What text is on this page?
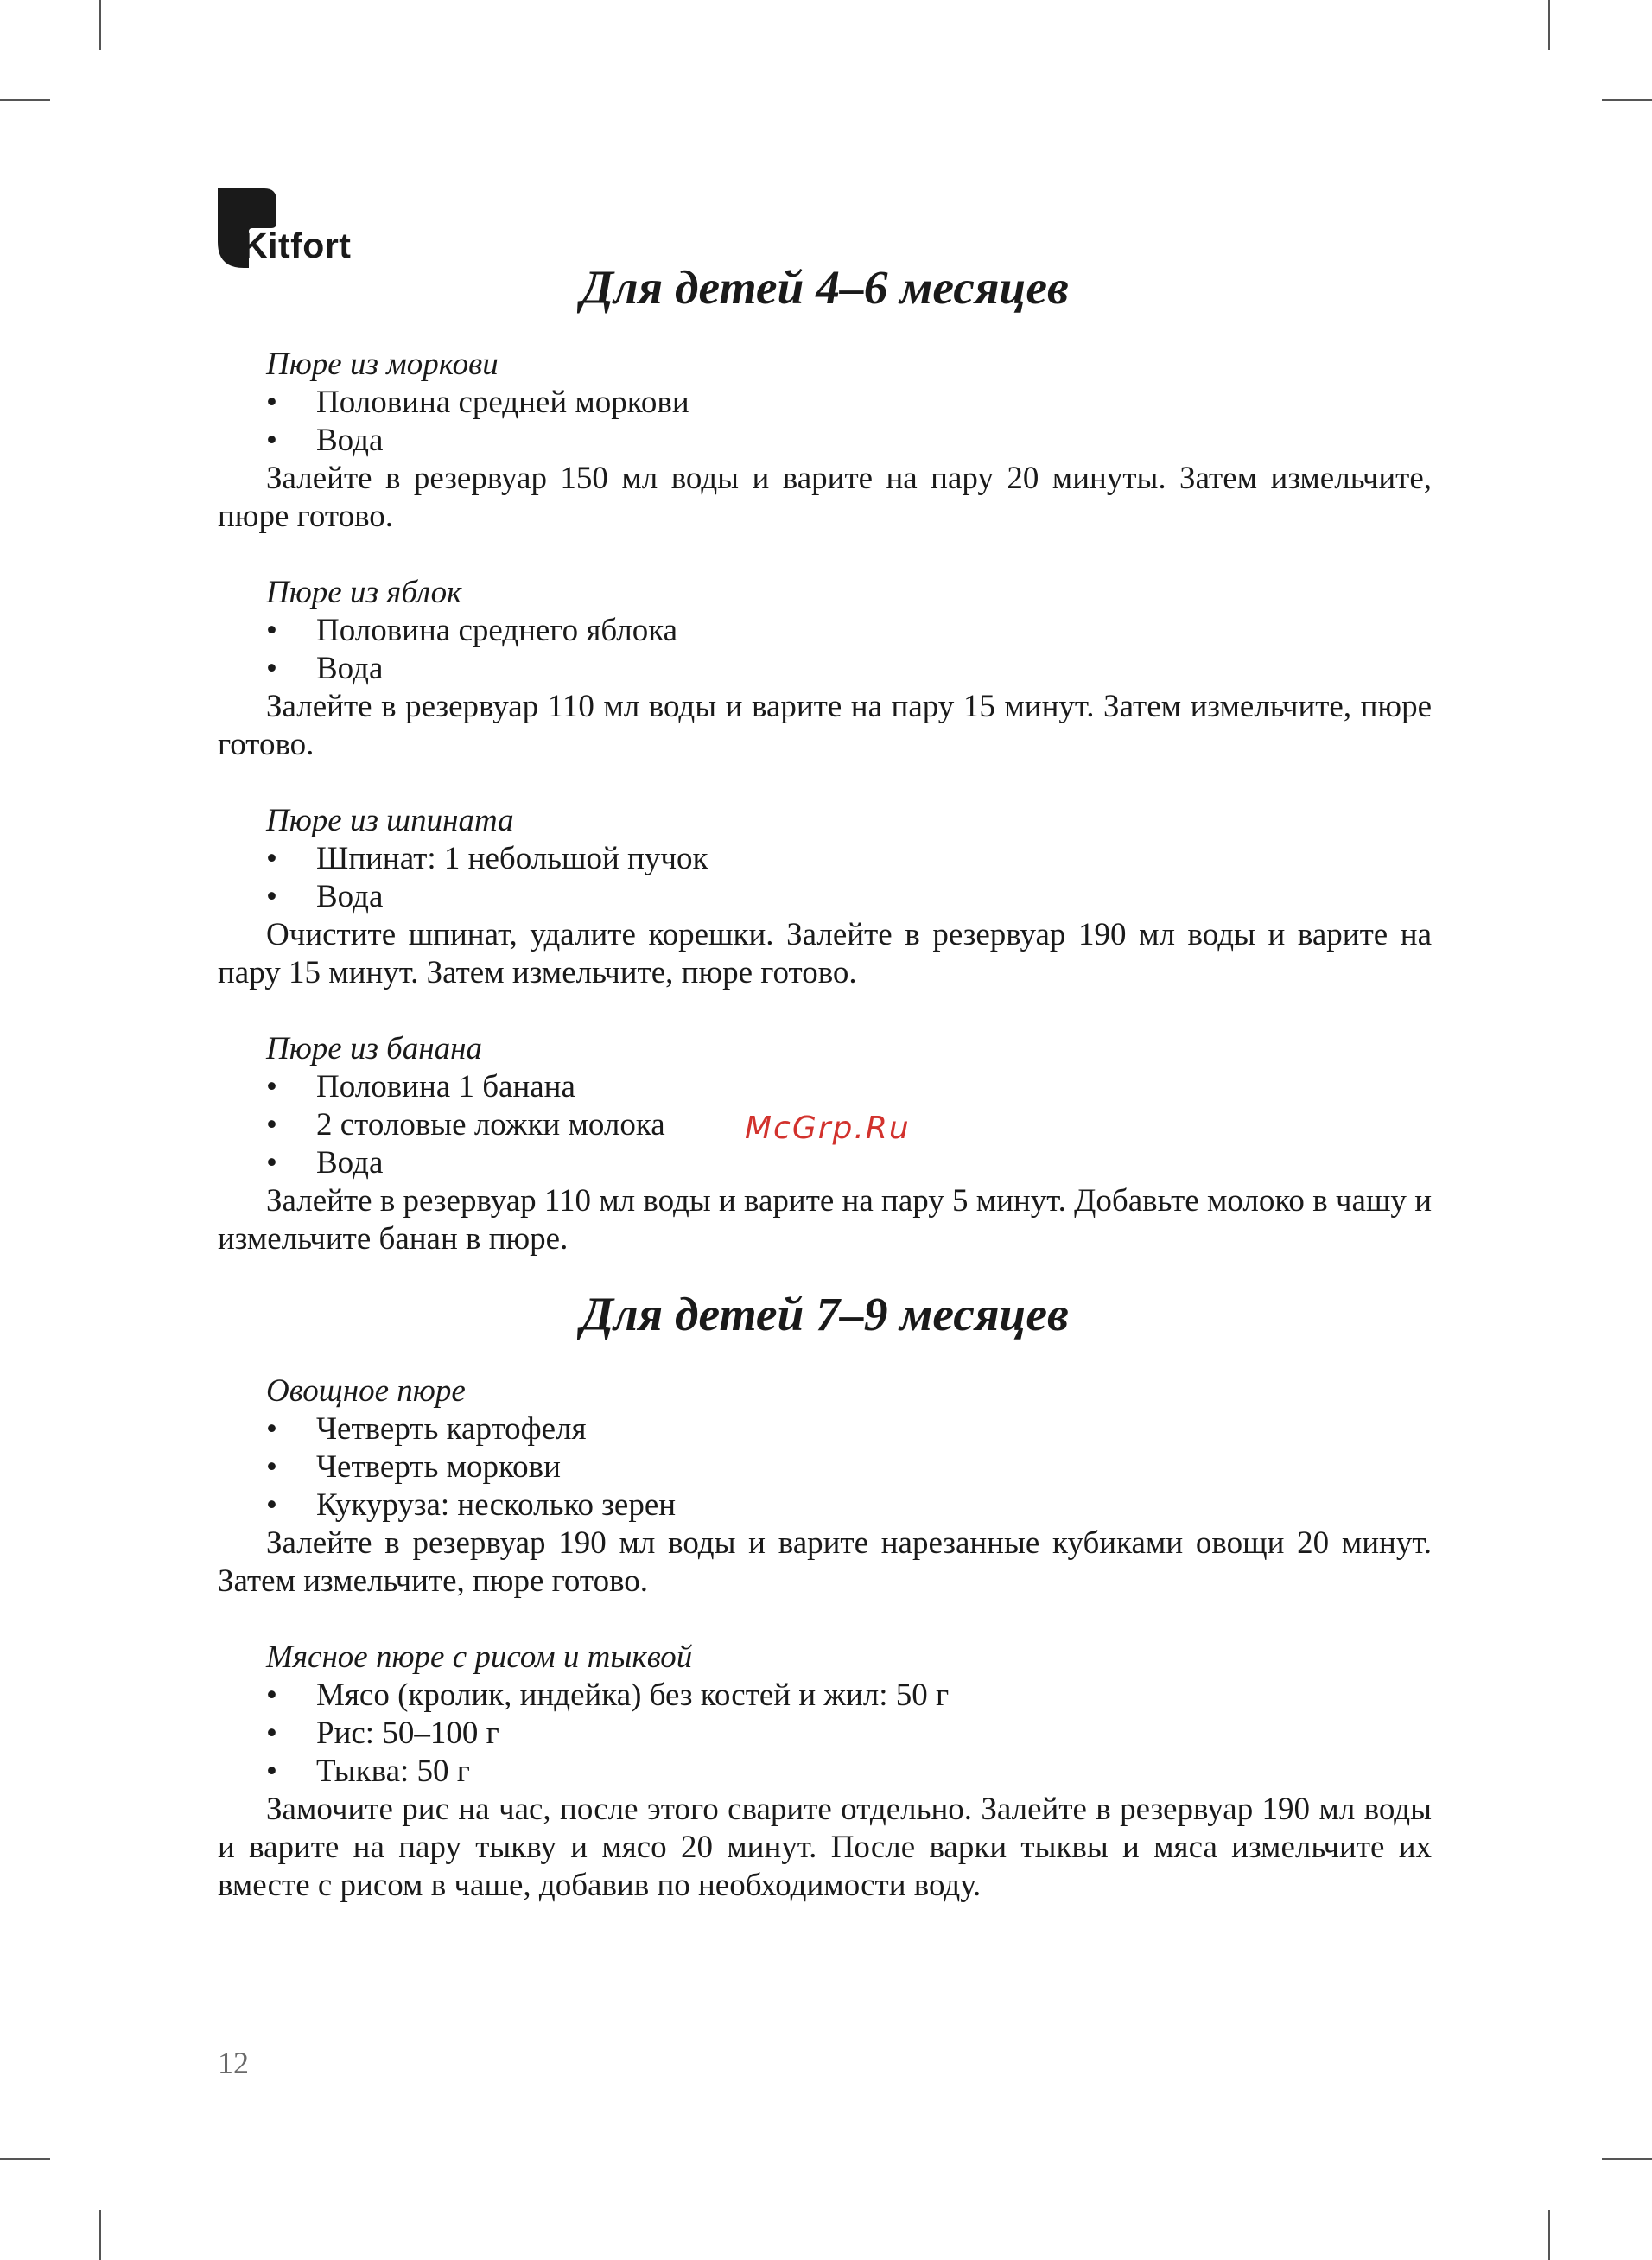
Kitfort
Для детей 4–6 месяцев

Пюре из моркови

• Половина средней моркови
• Вода

Залейте в резервуар 150 мл воды и варите на пару 20 минуты. Затем измельчите, пюре готово.

Пюре из яблок

• Половина среднего яблока
• Вода

Залейте в резервуар 110 мл воды и варите на пару 15 минут. Затем измельчите, пюре готово.

Пюре из шпината

• Шпинат: 1 небольшой пучок
• Вода

Очистите шпинат, удалите корешки. Залейте в резервуар 190 мл воды и варите на пару 15 минут. Затем измельчите, пюре готово.

Пюре из банана

• Половина 1 банана
• 2 столовые ложки молока
• Вода

Залейте в резервуар 110 мл воды и варите на пару 5 минут. Добавьте молоко в чашу и измельчите банан в пюре.

Для детей 7–9 месяцев

Овощное пюре

• Четверть картофеля
• Четверть моркови
• Кукуруза: несколько зерен

Залейте в резервуар 190 мл воды и варите нарезанные кубиками овощи 20 минут. Затем измельчите, пюре готово.

Мясное пюре с рисом и тыквой

• Мясо (кролик, индейка) без костей и жил: 50 г
• Рис: 50–100 г
• Тыква: 50 г

Замочите рис на час, после этого сварите отдельно. Залейте в резервуар 190 мл воды и варите на пару тыкву и мясо 20 минут. После варки тыквы и мяса измельчите их вместе с рисом в чаше, добавив по необходимости воду.

McGrp.Ru
12
